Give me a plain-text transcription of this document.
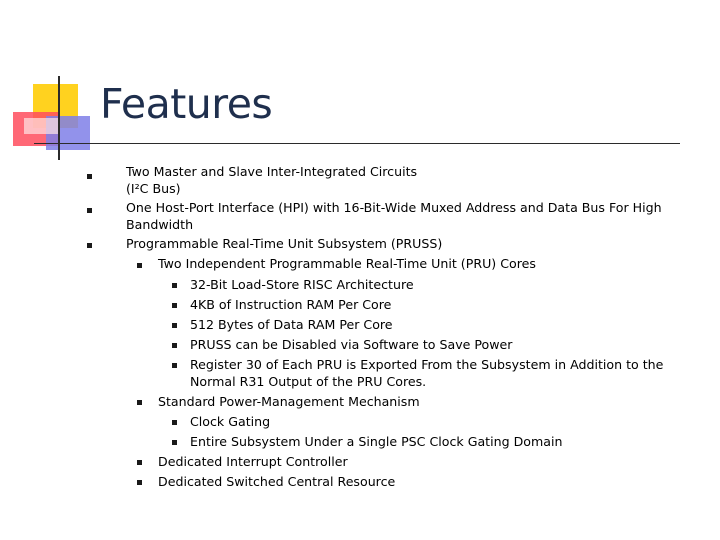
Features
Two Master and Slave Inter-Integrated Circuits
(I²C Bus)
One Host-Port Interface (HPI) with 16-Bit-Wide Muxed Address and Data Bus For High
Bandwidth
Programmable Real-Time Unit Subsystem (PRUSS)
Two Independent Programmable Real-Time Unit (PRU) Cores
32-Bit Load-Store RISC Architecture
4KB of Instruction RAM Per Core
512 Bytes of Data RAM Per Core
PRUSS can be Disabled via Software to Save Power
Register 30 of Each PRU is Exported From the Subsystem in Addition to the
Normal R31 Output of the PRU Cores.
Standard Power-Management Mechanism
Clock Gating
Entire Subsystem Under a Single PSC Clock Gating Domain
Dedicated Interrupt Controller
Dedicated Switched Central Resource
